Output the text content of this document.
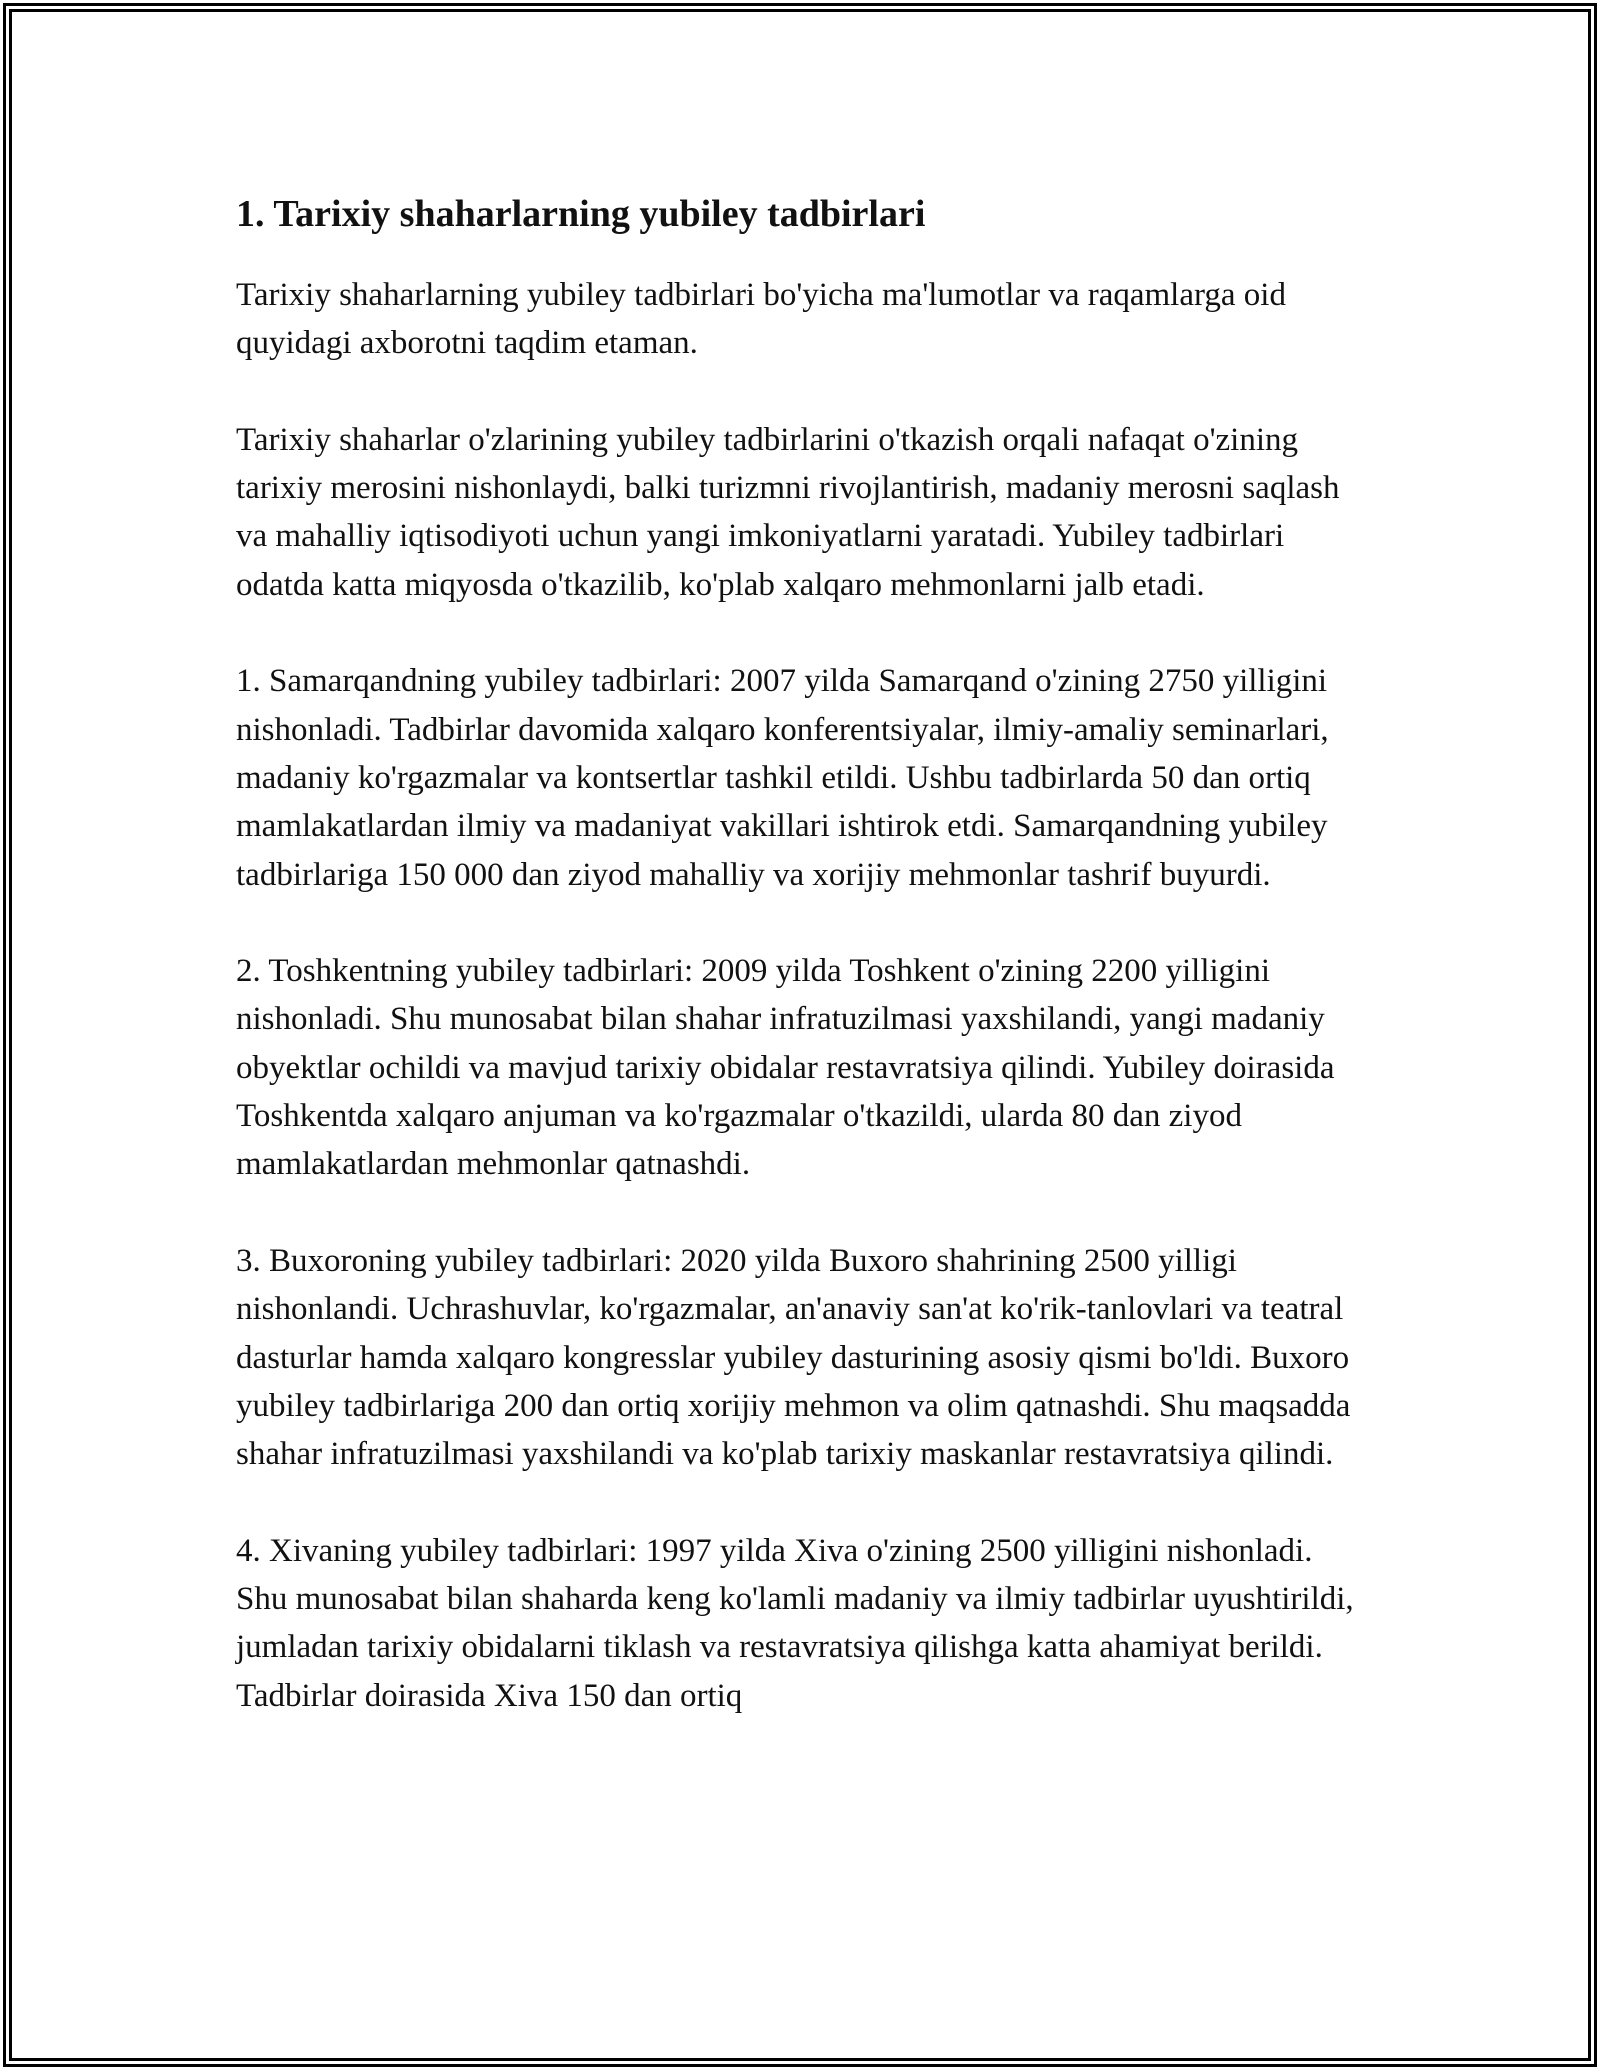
1. Tarixiy shaharlarning yubiley tadbirlari

Tarixiy shaharlarning yubiley tadbirlari bo'yicha ma'lumotlar va raqamlarga oid quyidagi axborotni taqdim etaman.

Tarixiy shaharlar o'zlarining yubiley tadbirlarini o'tkazish orqali nafaqat o'zining tarixiy merosini nishonlaydi, balki turizmni rivojlantirish, madaniy merosni saqlash va mahalliy iqtisodiyoti uchun yangi imkoniyatlarni yaratadi. Yubiley tadbirlari odatda katta miqyosda o'tkazilib, ko'plab xalqaro mehmonlarni jalb etadi.

1. Samarqandning yubiley tadbirlari: 2007 yilda Samarqand o'zining 2750 yilligini nishonladi. Tadbirlar davomida xalqaro konferentsiyalar, ilmiy-amaliy seminarlari, madaniy ko'rgazmalar va kontsertlar tashkil etildi. Ushbu tadbirlarda 50 dan ortiq mamlakatlardan ilmiy va madaniyat vakillari ishtirok etdi. Samarqandning yubiley tadbirlariga 150 000 dan ziyod mahalliy va xorijiy mehmonlar tashrif buyurdi.

2. Toshkentning yubiley tadbirlari: 2009 yilda Toshkent o'zining 2200 yilligini nishonladi. Shu munosabat bilan shahar infratuzilmasi yaxshilandi, yangi madaniy obyektlar ochildi va mavjud tarixiy obidalar restavratsiya qilindi. Yubiley doirasida Toshkentda xalqaro anjuman va ko'rgazmalar o'tkazildi, ularda 80 dan ziyod mamlakatlardan mehmonlar qatnashdi.

3. Buxoroning yubiley tadbirlari: 2020 yilda Buxoro shahrining 2500 yilligi nishonlandi. Uchrashuvlar, ko'rgazmalar, an'anaviy san'at ko'rik-tanlovlari va teatral dasturlar hamda xalqaro kongresslar yubiley dasturining asosiy qismi bo'ldi. Buxoro yubiley tadbirlariga 200 dan ortiq xorijiy mehmon va olim qatnashdi. Shu maqsadda shahar infratuzilmasi yaxshilandi va ko'plab tarixiy maskanlar restavratsiya qilindi.

4. Xivaning yubiley tadbirlari: 1997 yilda Xiva o'zining 2500 yilligini nishonladi. Shu munosabat bilan shaharda keng ko'lamli madaniy va ilmiy tadbirlar uyushtirildi, jumladan tarixiy obidalarni tiklash va restavratsiya qilishga katta ahamiyat berildi. Tadbirlar doirasida Xiva 150 dan ortiq
